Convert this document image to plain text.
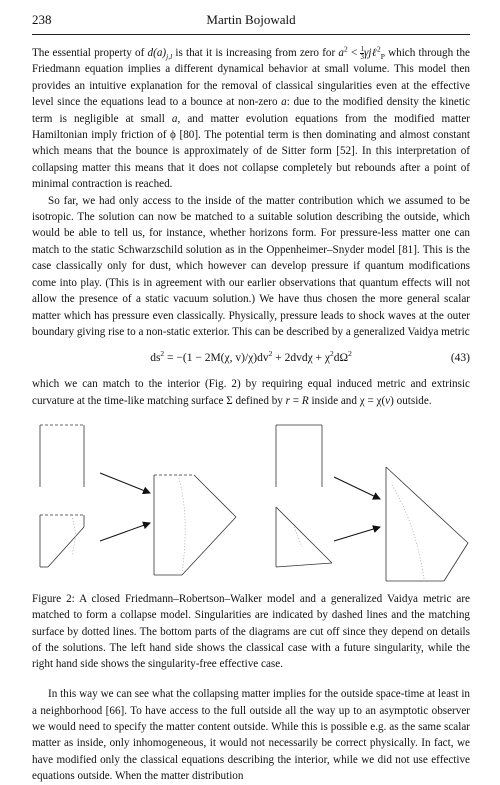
238	Martin Bojowald

The essential property of $d(a)_{j,l}$ is that it is increasing from zero for $a^2 < \frac{1}{3}$ γjℓ$^2_P$ which through the Friedmann equation implies a different dynamical behavior at small volume. This model then provides an intuitive explanation for the removal of classical singularities even at the effective level since the equations lead to a bounce at non-zero a: due to the modified density the kinetic term is negligible at small a, and matter evolution equations from the modified matter Hamiltonian imply friction of ϕ [80]. The potential term is then dominating and almost constant which means that the bounce is approximately of de Sitter form [52]. In this interpretation of collapsing matter this means that it does not collapse completely but rebounds after a point of minimal contraction is reached.

So far, we had only access to the inside of the matter contribution which we assumed to be isotropic. The solution can now be matched to a suitable solution describing the outside, which would be able to tell us, for instance, whether horizons form. For pressure-less matter one can match to the static Schwarzschild solution as in the Oppenheimer–Snyder model [81]. This is the case classically only for dust, which however can develop pressure if quantum modifications come into play. (This is in agreement with our earlier observations that quantum effects will not allow the presence of a static vacuum solution.) We have thus chosen the more general scalar matter which has pressure even classically. Physically, pressure leads to shock waves at the outer boundary giving rise to a non-static exterior. This can be described by a generalized Vaidya metric

$ds^2 = -(1 - 2M(\chi$, $v)/\chi)dv^2 + 2dvd\chi + \chi^2d\Omega^2$	(43)

which we can match to the interior (Fig. 2) by requiring equal induced metric and extrinsic curvature at the time-like matching surface Σ defined by r = R inside and χ = χ(v) outside.

Figure 2: A closed Friedmann–Robertson–Walker model and a generalized Vaidya metric are matched to form a collapse model. Singularities are indicated by dashed lines and the matching surface by dotted lines. The bottom parts of the diagrams are cut off since they depend on details of the solutions. The left hand side shows the classical case with a future singularity, while the right hand side shows the singularity-free effective case.

In this way we can see what the collapsing matter implies for the outside space-time at least in a neighborhood [66]. To have access to the full outside all the way up to an asymptotic observer we would need to specify the matter content outside. While this is possible e.g. as the same scalar matter as inside, only inhomogeneous, it would not necessarily be correct physically. In fact, we have modified only the classical equations describing the interior, while we did not use effective equations outside. When the matter distribution
